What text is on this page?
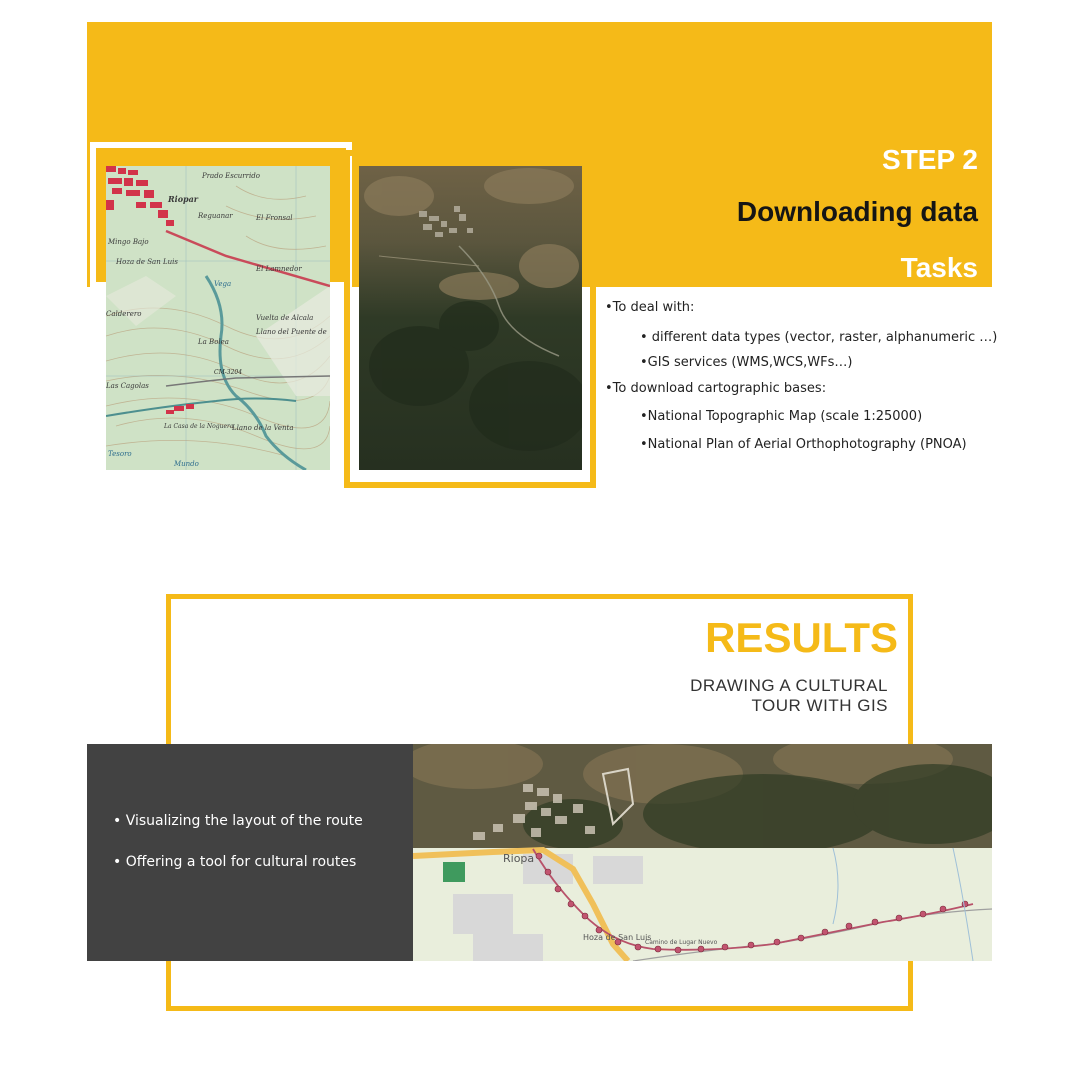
Prado Escurrido
Riopar
Reguanar	El Fronsal
Mingo Bajo
Hoza de San Luis
El Lamnedor
Vega
Calderero	Vuelta de Alcala
Llano del Puente de
La Bolea
Las Cagolas
CM-3204
La Casa de la Noguera
Llano de la Venta
Tesoro
Mundo
STEP 2
Downloading data
Tasks
•To deal with:
• different data types (vector, raster, alphanumeric …)
•GIS services (WMS,WCS,WFs…)
•To download cartographic bases:
•National Topographic Map (scale 1:25000)
•National Plan of Aerial Orthophotography (PNOA)
RESULTS
DRAWING A CULTURAL
TOUR WITH GIS
• Visualizing the layout of the route
• Offering a tool for cultural routes	Riopa
Hoza de San Luis
Camino de Lugar Nuevo
